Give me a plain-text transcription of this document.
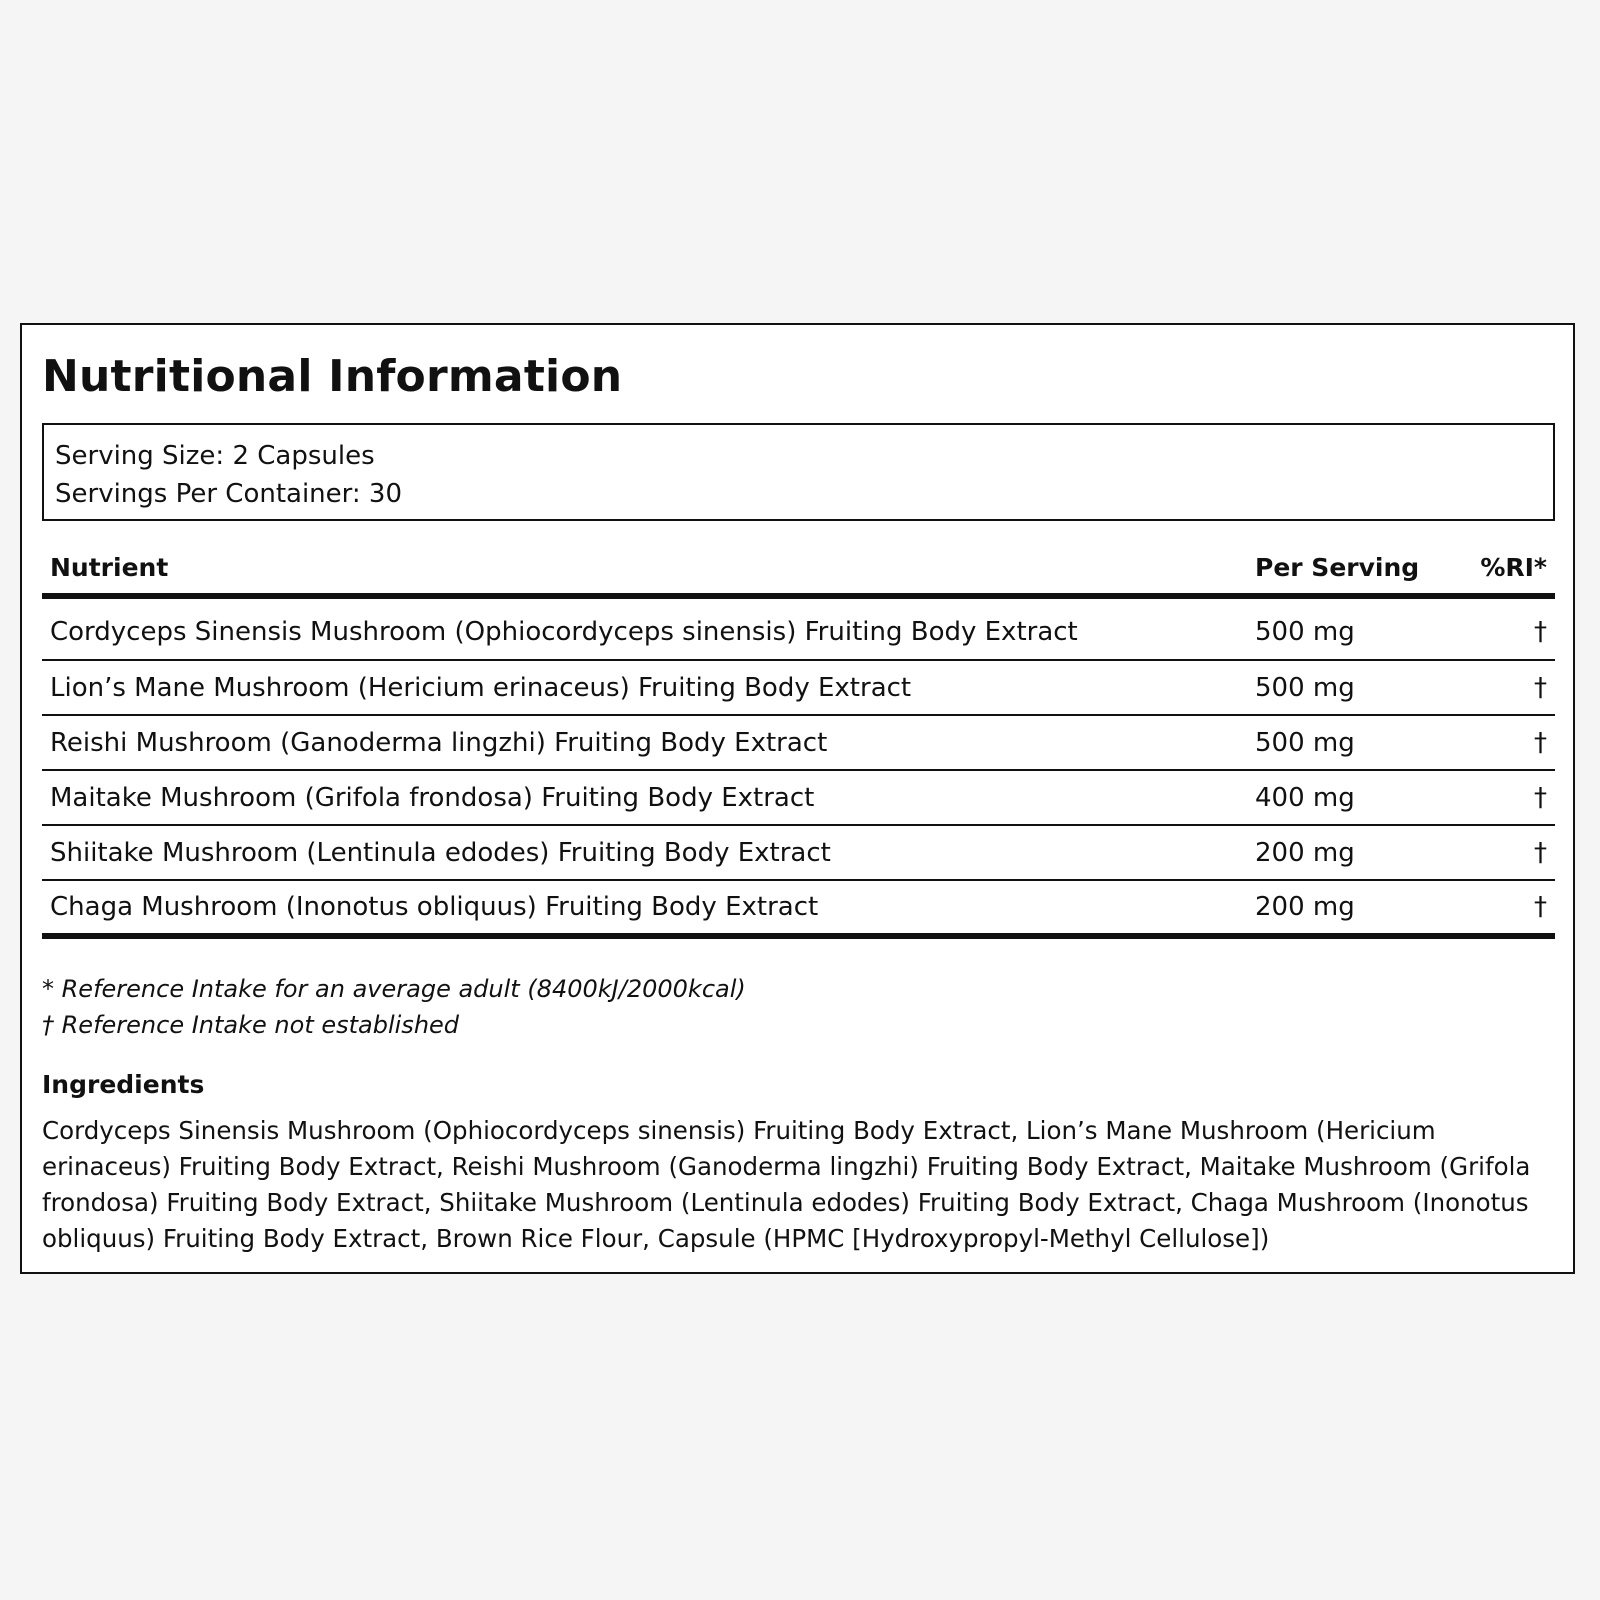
Nutritional Information
Serving Size: 2 Capsules
Servings Per Container: 30
Nutrient	Per Serving	%RI*
Cordyceps Sinensis Mushroom (Ophiocordyceps sinensis) Fruiting Body Extract	500 mg	†
Lion’s Mane Mushroom (Hericium erinaceus) Fruiting Body Extract	500 mg	†
Reishi Mushroom (Ganoderma lingzhi) Fruiting Body Extract	500 mg	†
Maitake Mushroom (Grifola frondosa) Fruiting Body Extract	400 mg	†
Shiitake Mushroom (Lentinula edodes) Fruiting Body Extract	200 mg	†
Chaga Mushroom (Inonotus obliquus) Fruiting Body Extract	200 mg	†
* Reference Intake for an average adult (8400kJ/2000kcal)
† Reference Intake not established
Ingredients
Cordyceps Sinensis Mushroom (Ophiocordyceps sinensis) Fruiting Body Extract, Lion’s Mane Mushroom (Hericium erinaceus) Fruiting Body Extract, Reishi Mushroom (Ganoderma lingzhi) Fruiting Body Extract, Maitake Mushroom (Grifola frondosa) Fruiting Body Extract, Shiitake Mushroom (Lentinula edodes) Fruiting Body Extract, Chaga Mushroom (Inonotus obliquus) Fruiting Body Extract, Brown Rice Flour, Capsule (HPMC [Hydroxypropyl-Methyl Cellulose])
